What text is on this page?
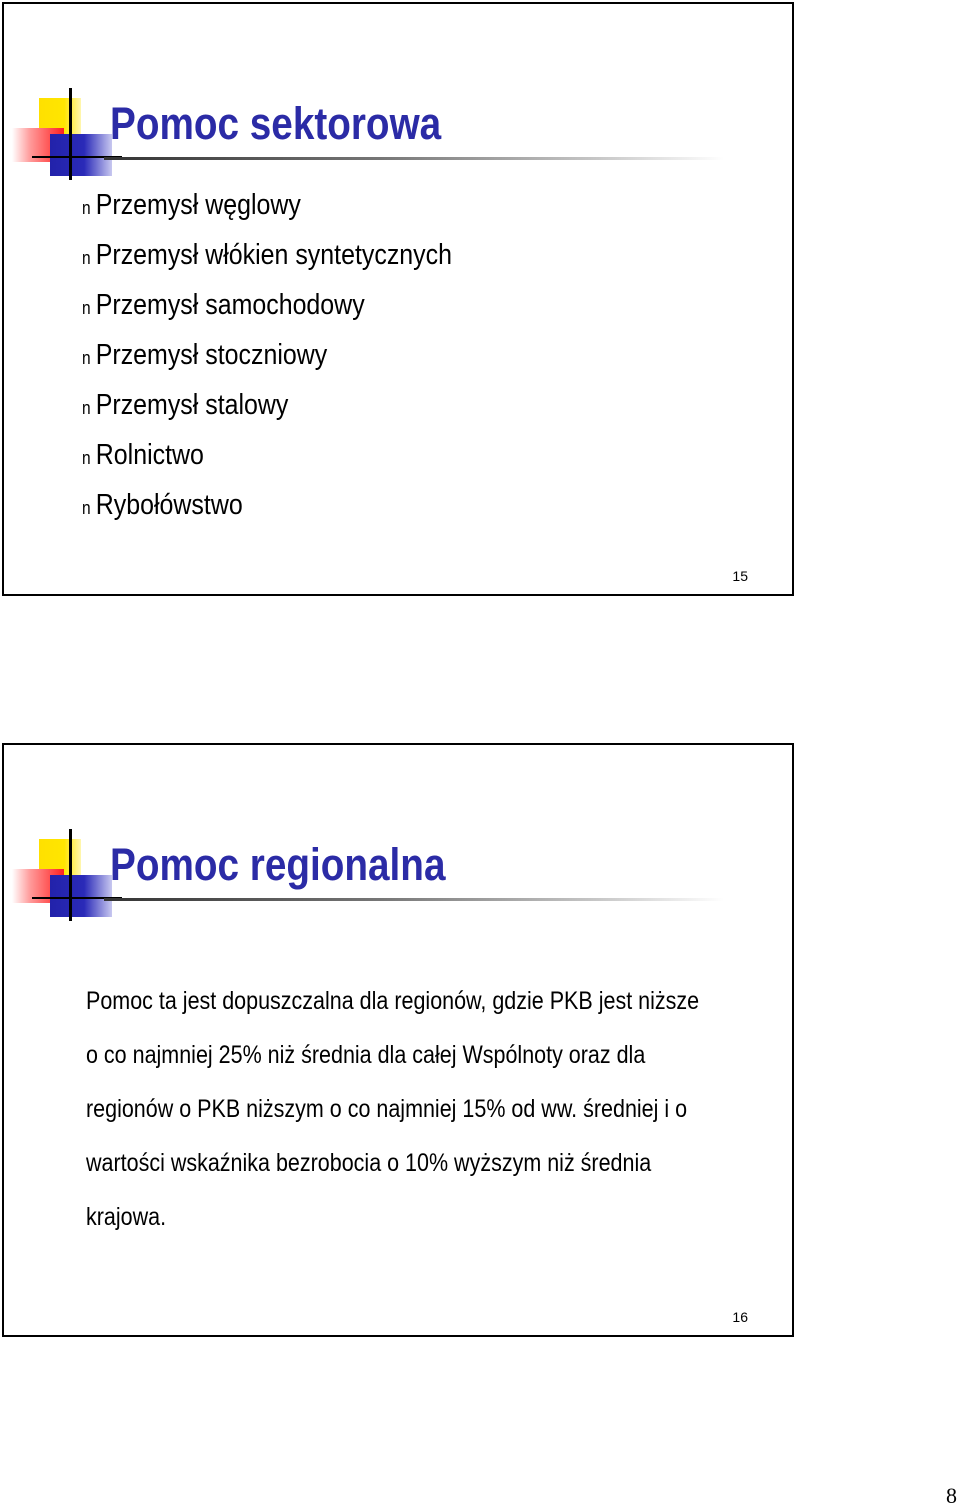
Pomoc sektorowa
n Przemysł węglowy
n Przemysł włókien syntetycznych
n Przemysł samochodowy
n Przemysł stoczniowy
n Przemysł stalowy
n Rolnictwo
n Rybołówstwo
15
Pomoc regionalna
16
Pomoc ta jest dopuszczalna dla regionów, gdzie PKB jest niższe
o co najmniej 25% niż średnia dla całej Wspólnoty oraz dla
regionów o PKB niższym o co najmniej 15% od ww. średniej i o
wartości wskaźnika bezrobocia o 10% wyższym niż średnia
krajowa.
8
